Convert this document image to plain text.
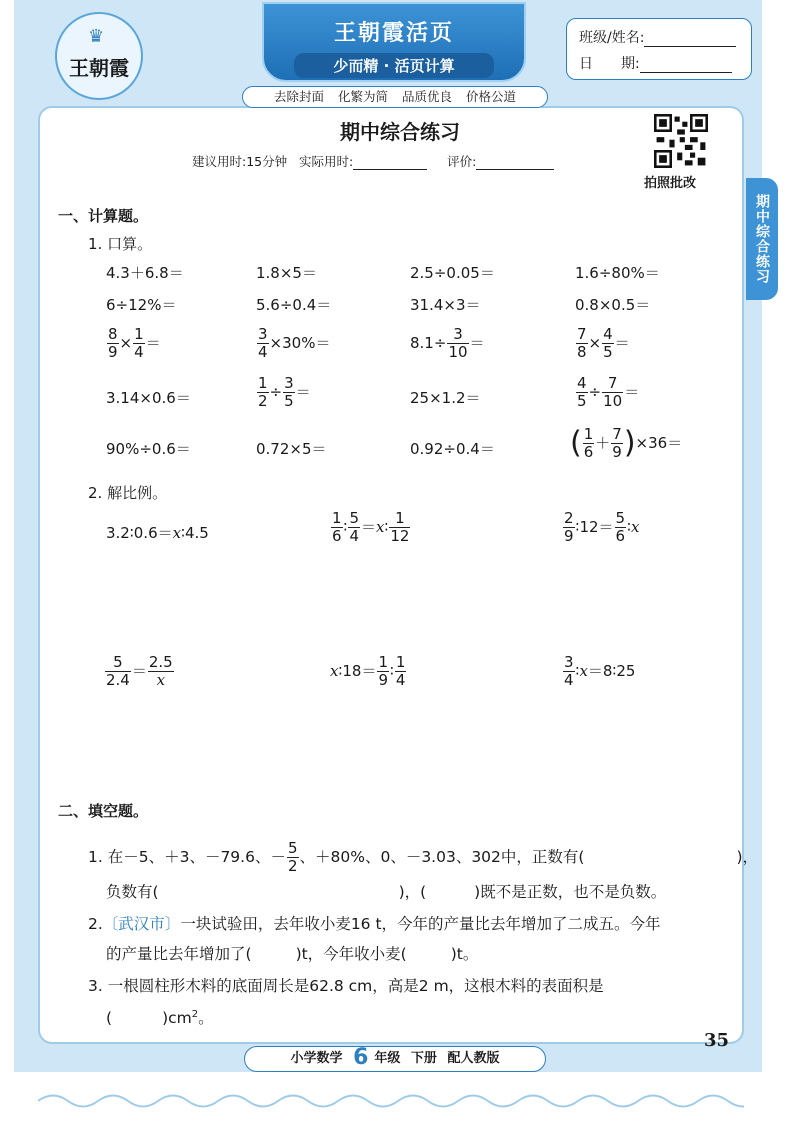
♛
王朝霞
王朝霞活页
少而精 · 活页计算
去除封面 化繁为简 品质优良 价格公道
班级/姓名:
日　　期:
期中综合练习
建议用时:15分钟 实际用时:	评价:
拍照批改
期中综合练习
一、计算题。
1. 口算。
4.3＋6.8＝	1.8×5＝	2.5÷0.05＝	1.6÷80%＝
6÷12%＝	5.6÷0.4＝	31.4×3＝	0.8×0.5＝
$\frac{8}{9} \times \frac{1}{4}$ ＝	$\frac{3}{4} \times 30\%=$	$8.1\div \frac{3}{10}$ ＝	$\frac{7}{8} \times \frac{4}{5}$ ＝
3.14×0.6＝	$\frac{1}{2} \div \frac{3}{5}$ ＝	25×1.2＝	$\frac{4}{5} \div \frac{7}{10}$ ＝
90%÷0.6＝	0.72×5＝	0.92÷0.4＝	( $\frac{1}{6} + \frac{7}{9} )\times 36=$
2. 解比例。
3.2∶0.6＝x∶4.5	$\frac{1}{6}$ ∶ $\frac{5}{4}$ ＝x∶ $\frac{1}{12}$	$\frac{2}{9}$ ∶12＝ $\frac{5}{6}$ ∶x
$\frac{5}{2.4} = \frac{2.5}{x}$	x∶18＝ $\frac{1}{9}$ ∶ $\frac{1}{4}$	$\frac{3}{4}$ ∶x＝8∶25
二、填空题。
1. 在－5、＋3、－79.6、－ $\frac{5}{2}$ 、＋80%、0、－3.03、302中，正数有(	)，
负数有(	)，(	)既不是正数，也不是负数。
2.〔武汉市〕一块试验田，去年收小麦16 t，今年的产量比去年增加了二成五。今年
的产量比去年增加了(	)t，今年收小麦(	)t。
3. 一根圆柱形木料的底面周长是62.8 cm，高是2 m，这根木料的表面积是
(	)$cm^2$。
35
小学数学 6 年级 下册 配人教版
